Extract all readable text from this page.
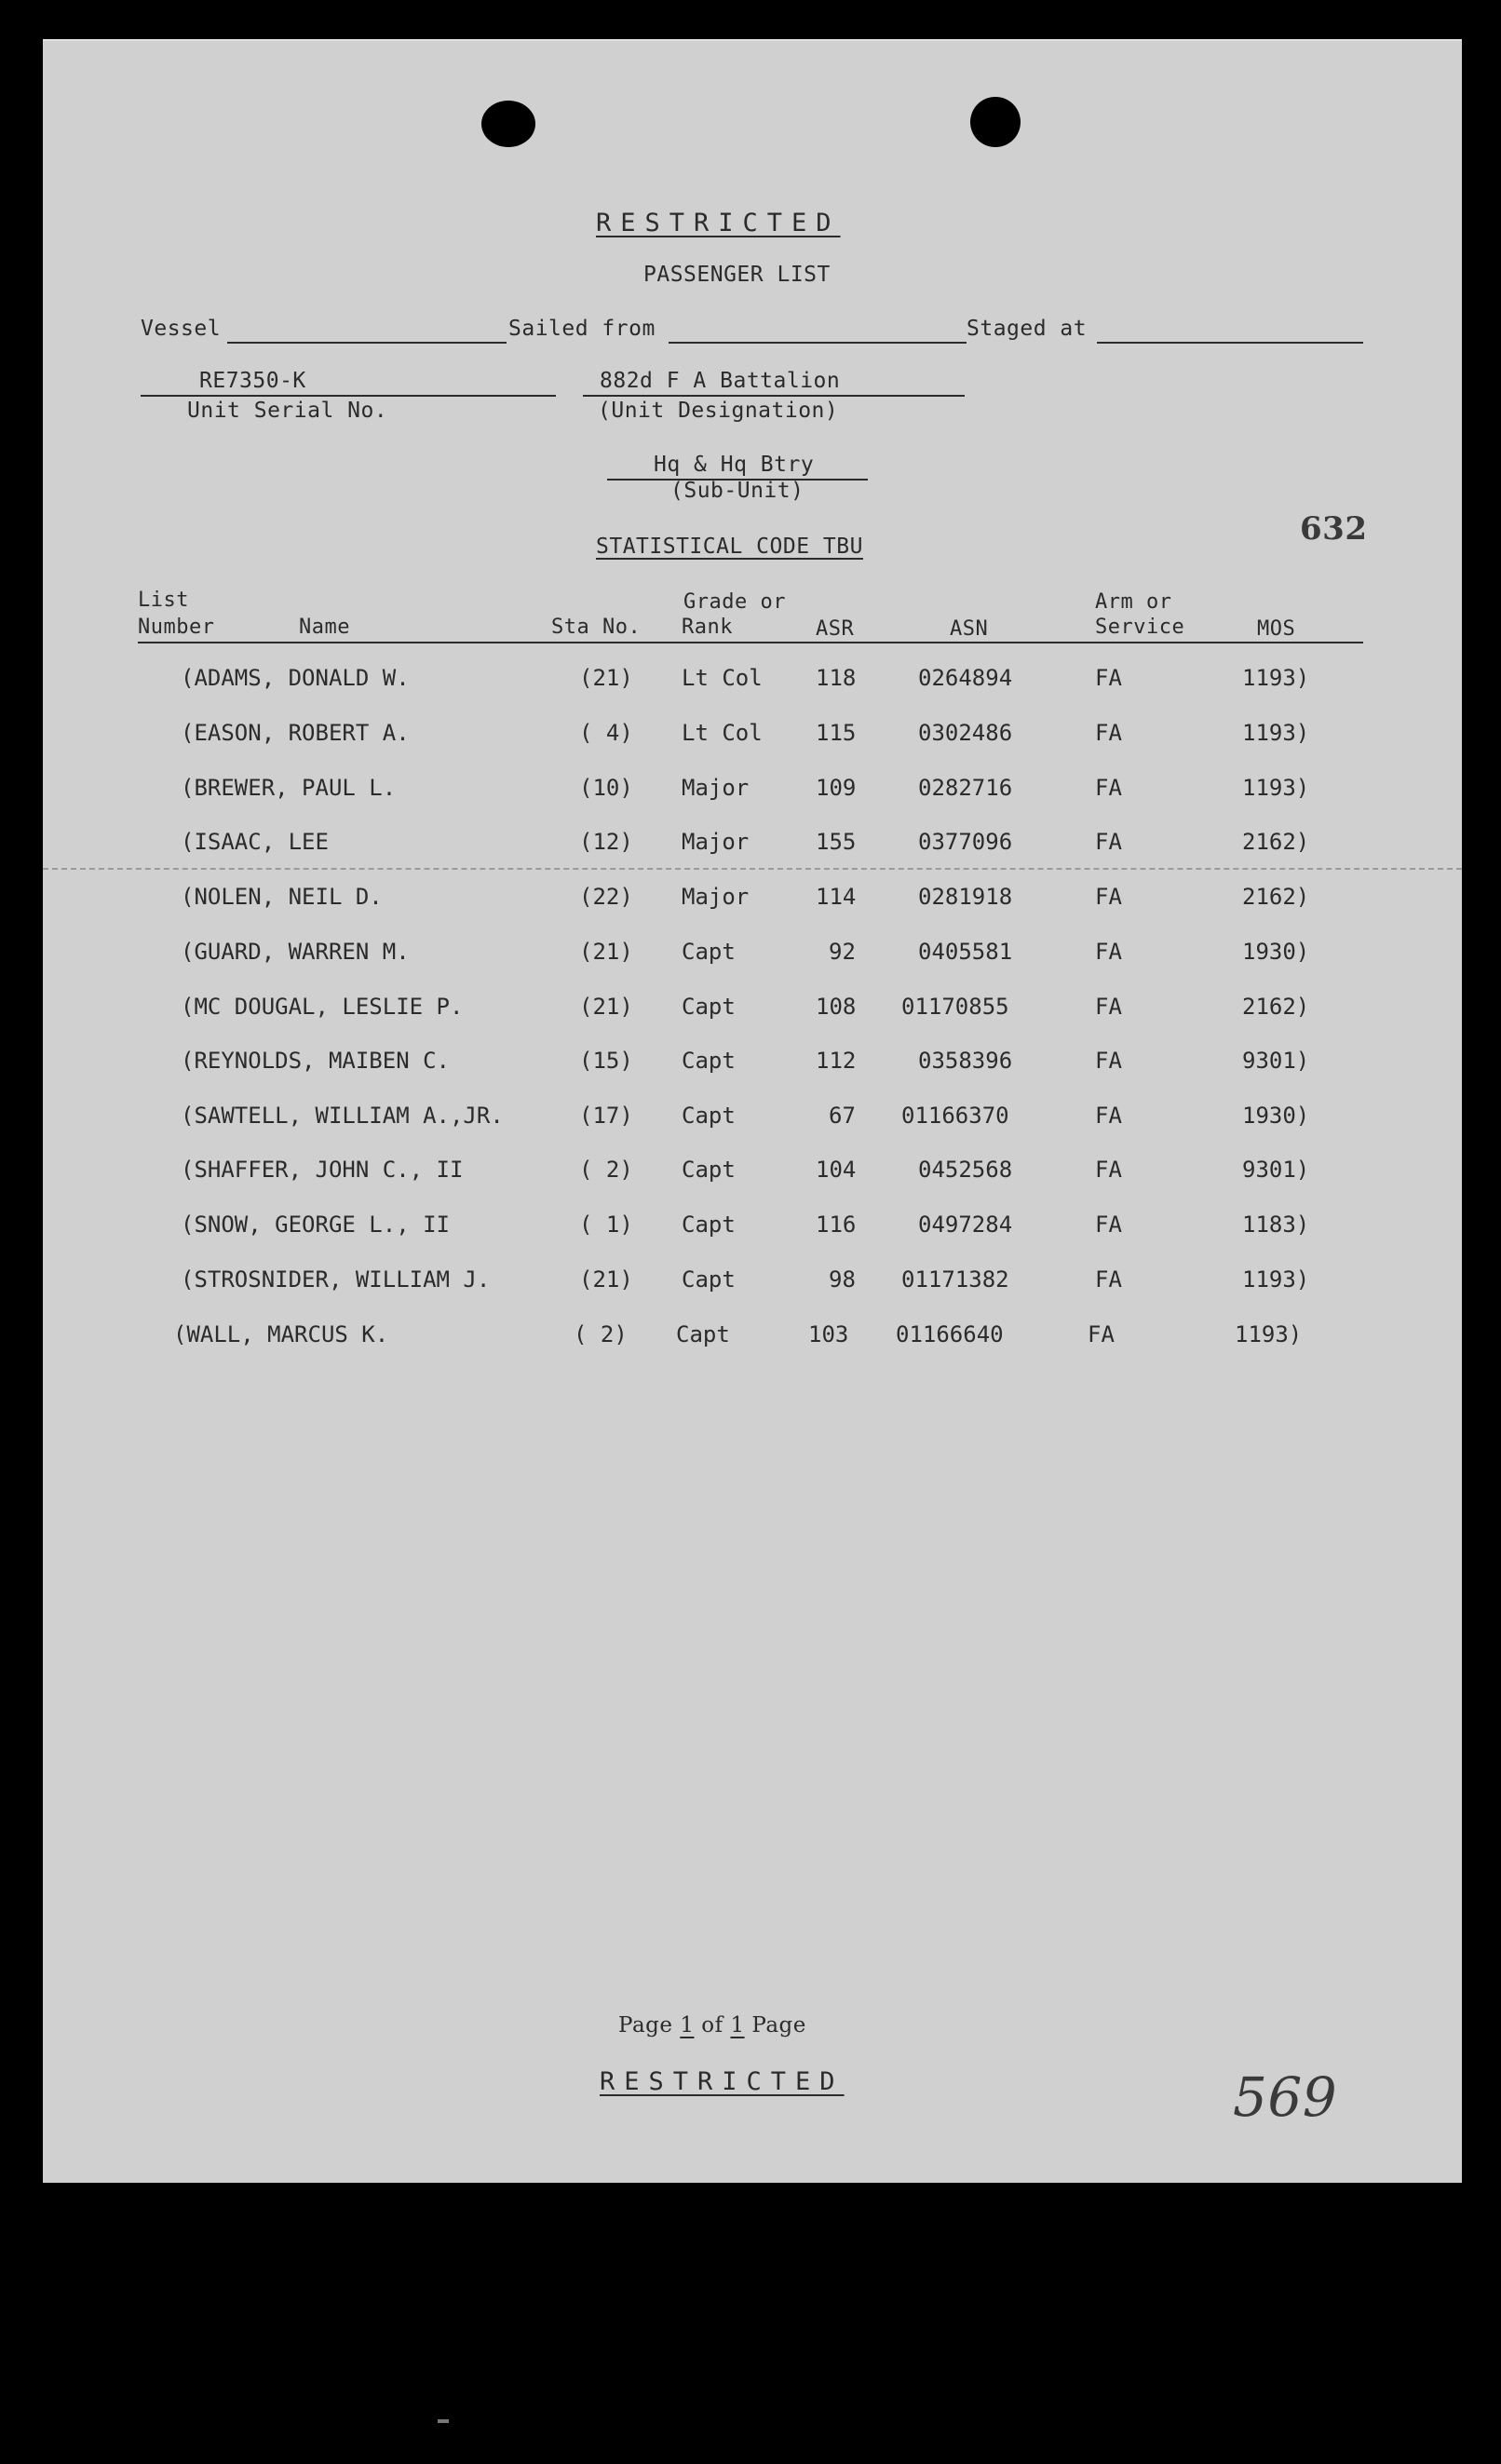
RESTRICTED
PASSENGER LIST
Vessel	Sailed from	Staged at
RE7350-K
Unit Serial No.
882d F A Battalion
(Unit Designation)
Hq & Hq Btry
(Sub-Unit)
STATISTICAL CODE TBU	632
List
Number	Name	Sta No.
Grade or
Rank	ASR	ASN
Arm or
Service	MOS
(ADAMS, DONALD W.	(21) Lt Col 118	0264894	FA	1193)
(EASON, ROBERT A.	( 4) Lt Col 115	0302486	FA	1193)
(BREWER, PAUL L.	(10) Major	109	0282716	FA	1193)
(ISAAC, LEE	(12) Major	155	0377096	FA	2162)
(NOLEN, NEIL D.	(22) Major	114	0281918	FA	2162)
(GUARD, WARREN M.	(21) Capt	92	0405581	FA	1930)
(MC DOUGAL, LESLIE P.	(21) Capt	108 01170855	FA	2162)
(REYNOLDS, MAIBEN C.	(15) Capt	112	0358396	FA	9301)
(SAWTELL, WILLIAM A.,JR.	(17) Capt	67 01166370	FA	1930)
(SHAFFER, JOHN C., II	( 2) Capt	104	0452568	FA	9301)
(SNOW, GEORGE L., II	( 1) Capt	116	0497284	FA	1183)
(STROSNIDER, WILLIAM J.	(21) Capt	98 01171382	FA	1193)
(WALL, MARCUS K.	( 2) Capt	103 01166640	FA	1193)
Page 1 of 1 Page
RESTRICTED	569
